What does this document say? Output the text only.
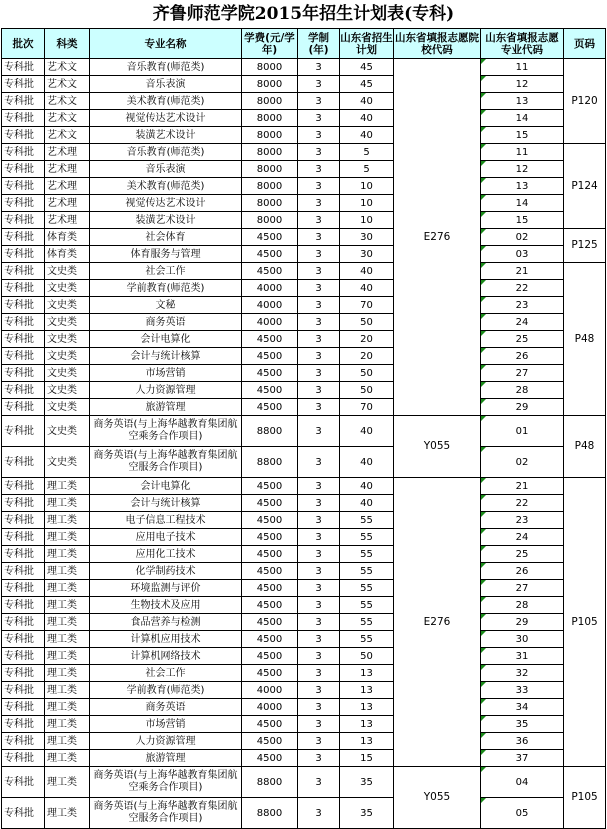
齐鲁师范学院2015年招生计划表(专科)
批次	科类	专业名称	学费(元/学年)	学制(年)	山东省招生计划	山东省填报志愿院校代码	山东省填报志愿专业代码	页码
专科批	艺术文	音乐教育(师范类)	8000	3	45	E276	11	P120
专科批	艺术文	音乐表演	8000	3	45		12	
专科批	艺术文	美术教育(师范类)	8000	3	40		13	
专科批	艺术文	视觉传达艺术设计	8000	3	40		14	
专科批	艺术文	装潢艺术设计	8000	3	40		15	
专科批	艺术理	音乐教育(师范类)	8000	3	5		11	P124
专科批	艺术理	音乐表演	8000	3	5		12	
专科批	艺术理	美术教育(师范类)	8000	3	10		13	
专科批	艺术理	视觉传达艺术设计	8000	3	10		14	
专科批	艺术理	装潢艺术设计	8000	3	10		15	
专科批	体育类	社会体育	4500	3	30		02	P125
专科批	体育类	体育服务与管理	4500	3	30		03	
专科批	文史类	社会工作	4500	3	40		21	P48
专科批	文史类	学前教育(师范类)	4000	3	40		22	
专科批	文史类	文秘	4000	3	70		23	
专科批	文史类	商务英语	4000	3	50		24	
专科批	文史类	会计电算化	4500	3	20		25	
专科批	文史类	会计与统计核算	4500	3	20		26	
专科批	文史类	市场营销	4500	3	50		27	
专科批	文史类	人力资源管理	4500	3	50		28	
专科批	文史类	旅游管理	4500	3	70		29	
专科批	文史类	商务英语(与上海华越教育集团航空乘务合作项目)	8800	3	40	Y055	01	P48
专科批	文史类	商务英语(与上海华越教育集团航空服务合作项目)	8800	3	40		02	
专科批	理工类	会计电算化	4500	3	40	E276	21	P105
专科批	理工类	会计与统计核算	4500	3	40		22	
专科批	理工类	电子信息工程技术	4500	3	55		23	
专科批	理工类	应用电子技术	4500	3	55		24	
专科批	理工类	应用化工技术	4500	3	55		25	
专科批	理工类	化学制药技术	4500	3	55		26	
专科批	理工类	环境监测与评价	4500	3	55		27	
专科批	理工类	生物技术及应用	4500	3	55		28	
专科批	理工类	食品营养与检测	4500	3	55		29	
专科批	理工类	计算机应用技术	4500	3	55		30	
专科批	理工类	计算机网络技术	4500	3	50		31	
专科批	理工类	社会工作	4500	3	13		32	
专科批	理工类	学前教育(师范类)	4000	3	13		33	
专科批	理工类	商务英语	4000	3	13		34	
专科批	理工类	市场营销	4500	3	13		35	
专科批	理工类	人力资源管理	4500	3	13		36	
专科批	理工类	旅游管理	4500	3	15		37	
专科批	理工类	商务英语(与上海华越教育集团航空乘务合作项目)	8800	3	35	Y055	04	P105
专科批	理工类	商务英语(与上海华越教育集团航空服务合作项目)	8800	3	35		05	
